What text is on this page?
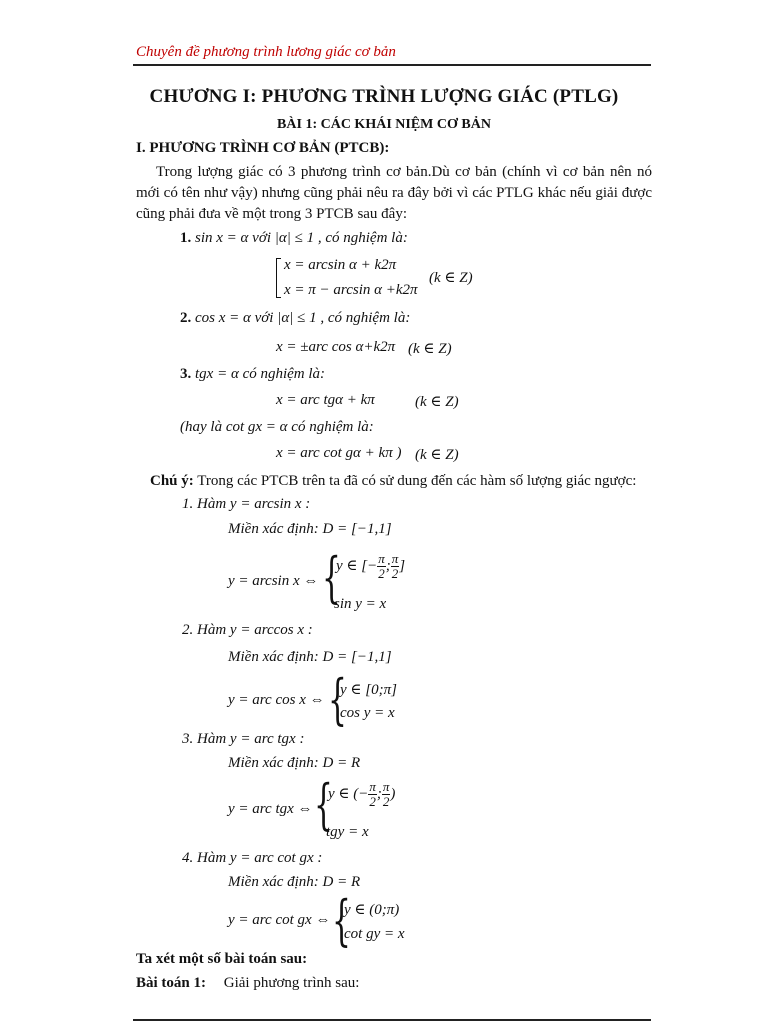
Chuyên đề phương trình lương giác cơ bản
CHƯƠNG I: PHƯƠNG TRÌNH LƯỢNG GIÁC (PTLG)
BÀI 1: CÁC KHÁI NIỆM CƠ BẢN
I. PHƯƠNG TRÌNH CƠ BẢN (PTCB):
Trong lượng giác có 3 phương trình cơ bản.Dù cơ bản (chính vì cơ bản nên nó mới có tên như vậy) nhưng cũng phải nêu ra đây bởi vì các PTLG khác nếu giải được cũng phải đưa về một trong 3 PTCB sau đây:
1. sin x = α với |α| ≤ 1 , có nghiệm là:
x = arcsin α + k2π
x = π − arcsin α +k2π
(k ∈ Z)
2. cos x = α với |α| ≤ 1 , có nghiệm là:
x = ±arc cos α+k2π (k ∈ Z)
3. tgx = α có nghiệm là:
x = arc tgα + kπ	(k ∈ Z)
(hay là cot gx = α có nghiệm là:
x = arc cot gα + kπ ) (k ∈ Z)
Chú ý: Trong các PTCB trên ta đã có sử dung đến các hàm số lượng giác ngược:
1. Hàm y = arcsin x :
Miền xác định: D = [−1,1]
y = arcsin x ⇔ {
y ∈ [− $\frac{\pi}{2}$ ; $\frac{\pi}{2}$ ]
sin y = x
2. Hàm y = arccos x :
Miền xác định: D = [−1,1]
y = arc cos x ⇔ {
y ∈ [0;π]
cos y = x
3. Hàm y = arc tgx :
Miền xác định: D = R
y = arc tgx ⇔ {
y ∈ (− $\frac{\pi}{2}$ ; $\frac{\pi}{2}$ )
tgy = x
4. Hàm y = arc cot gx :
Miền xác định: D = R
y = arc cot gx ⇔ {
y ∈ (0;π)
cot gy = x
Ta xét một số bài toán sau:
Bài toán 1: Giải phương trình sau:
